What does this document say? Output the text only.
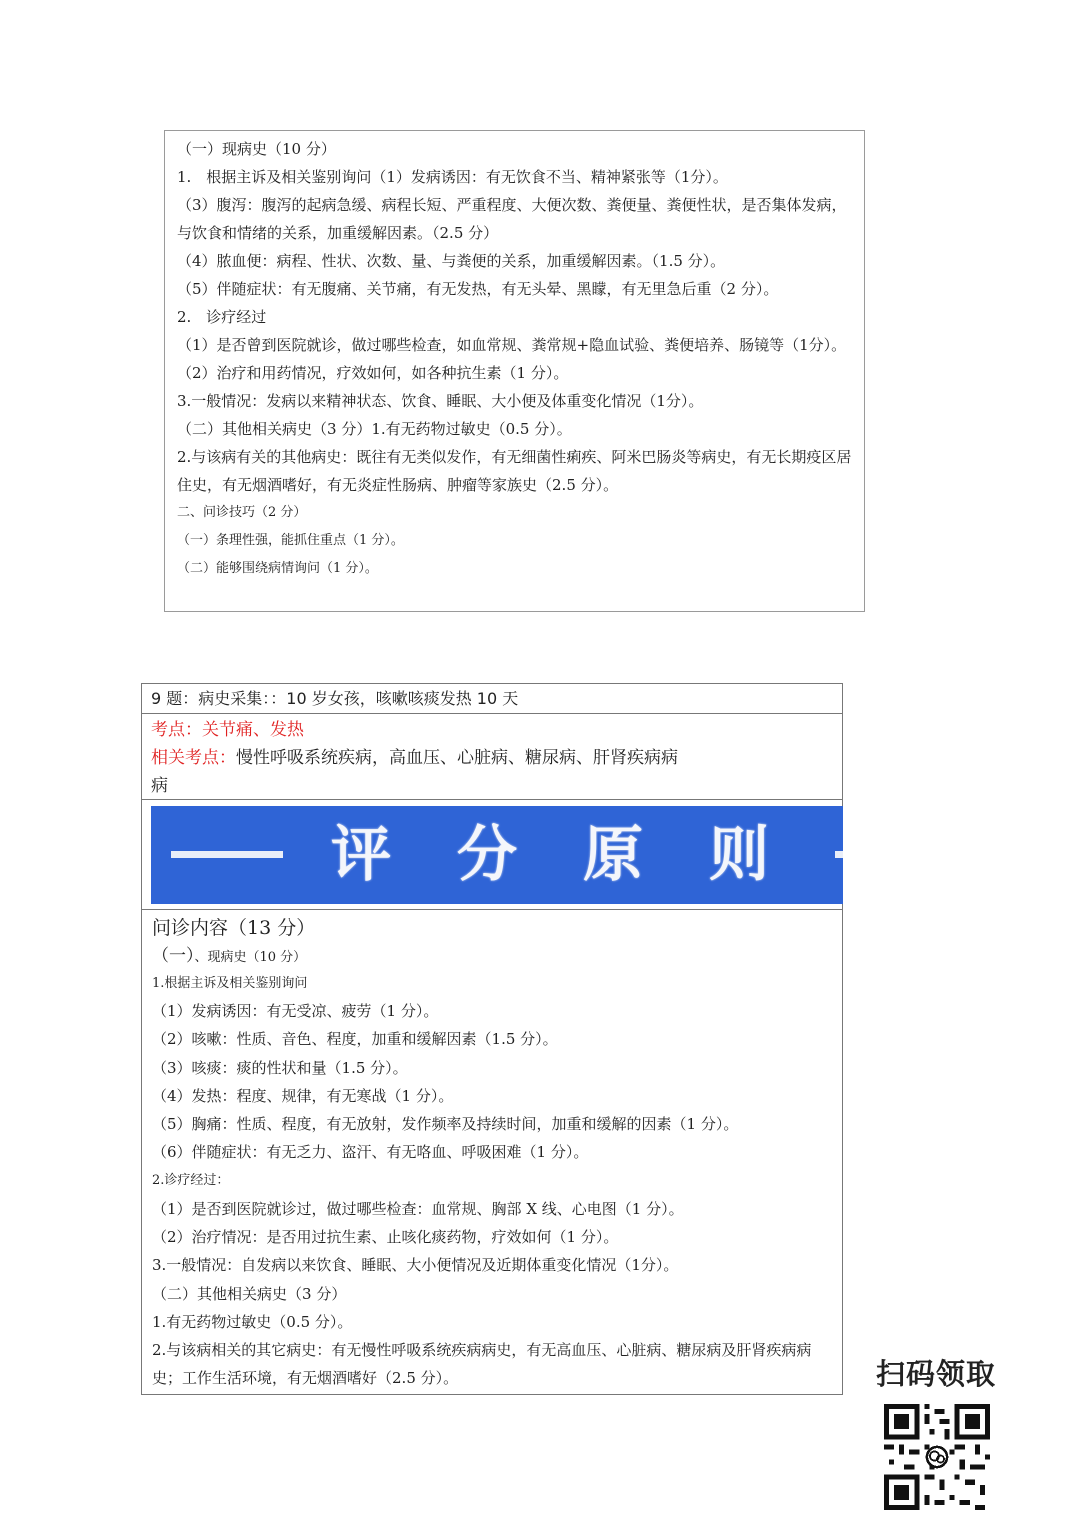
（一）现病史（10 分）
1.　根据主诉及相关鉴别询问（1）发病诱因：有无饮食不当、精神紧张等（1分）。
（3）腹泻：腹泻的起病急缓、病程长短、严重程度、大便次数、粪便量、粪便性状，是否集体发病，与饮食和情绪的关系，加重缓解因素。（2.5 分）
（4）脓血便：病程、性状、次数、量、与粪便的关系，加重缓解因素。（1.5 分）。
（5）伴随症状：有无腹痛、关节痛，有无发热，有无头晕、黑矇，有无里急后重（2 分）。
2.　诊疗经过
（1）是否曾到医院就诊，做过哪些检查，如血常规、粪常规+隐血试验、粪便培养、肠镜等（1分）。
（2）治疗和用药情况，疗效如何，如各种抗生素（1 分）。
3.一般情况：发病以来精神状态、饮食、睡眠、大小便及体重变化情况（1分）。
（二）其他相关病史（3 分）1.有无药物过敏史（0.5 分）。
2.与该病有关的其他病史：既往有无类似发作，有无细菌性痢疾、阿米巴肠炎等病史，有无长期疫区居住史，有无烟酒嗜好，有无炎症性肠病、肿瘤等家族史（2.5 分）。
二、问诊技巧（2 分）
（一）条理性强，能抓住重点（1 分）。
（二）能够围绕病情询问（1 分）。
9 题：病史采集：：10 岁女孩，咳嗽咳痰发热 10 天
考点：关节痛、发热
相关考点：慢性呼吸系统疾病，高血压、心脏病、糖尿病、肝肾疾病病
病
评分原则
问诊内容（13 分）
（一）、现病史（10 分）
1.根据主诉及相关鉴别询问
（1）发病诱因：有无受凉、疲劳（1 分）。
（2）咳嗽：性质、音色、程度，加重和缓解因素（1.5 分）。
（3）咳痰：痰的性状和量（1.5 分）。
（4）发热：程度、规律，有无寒战（1 分）。
（5）胸痛：性质、程度，有无放射，发作频率及持续时间，加重和缓解的因素（1 分）。
（6）伴随症状：有无乏力、盗汗、有无咯血、呼吸困难（1 分）。
2.诊疗经过：
（1）是否到医院就诊过，做过哪些检查：血常规、胸部 X 线、心电图（1 分）。
（2）治疗情况：是否用过抗生素、止咳化痰药物，疗效如何（1 分）。
3.一般情况：自发病以来饮食、睡眠、大小便情况及近期体重变化情况（1分）。
（二）其他相关病史（3 分）
1.有无药物过敏史（0.5 分）。
2.与该病相关的其它病史：有无慢性呼吸系统疾病病史，有无高血压、心脏病、糖尿病及肝肾疾病病史；工作生活环境，有无烟酒嗜好（2.5 分）。	扫码领取
